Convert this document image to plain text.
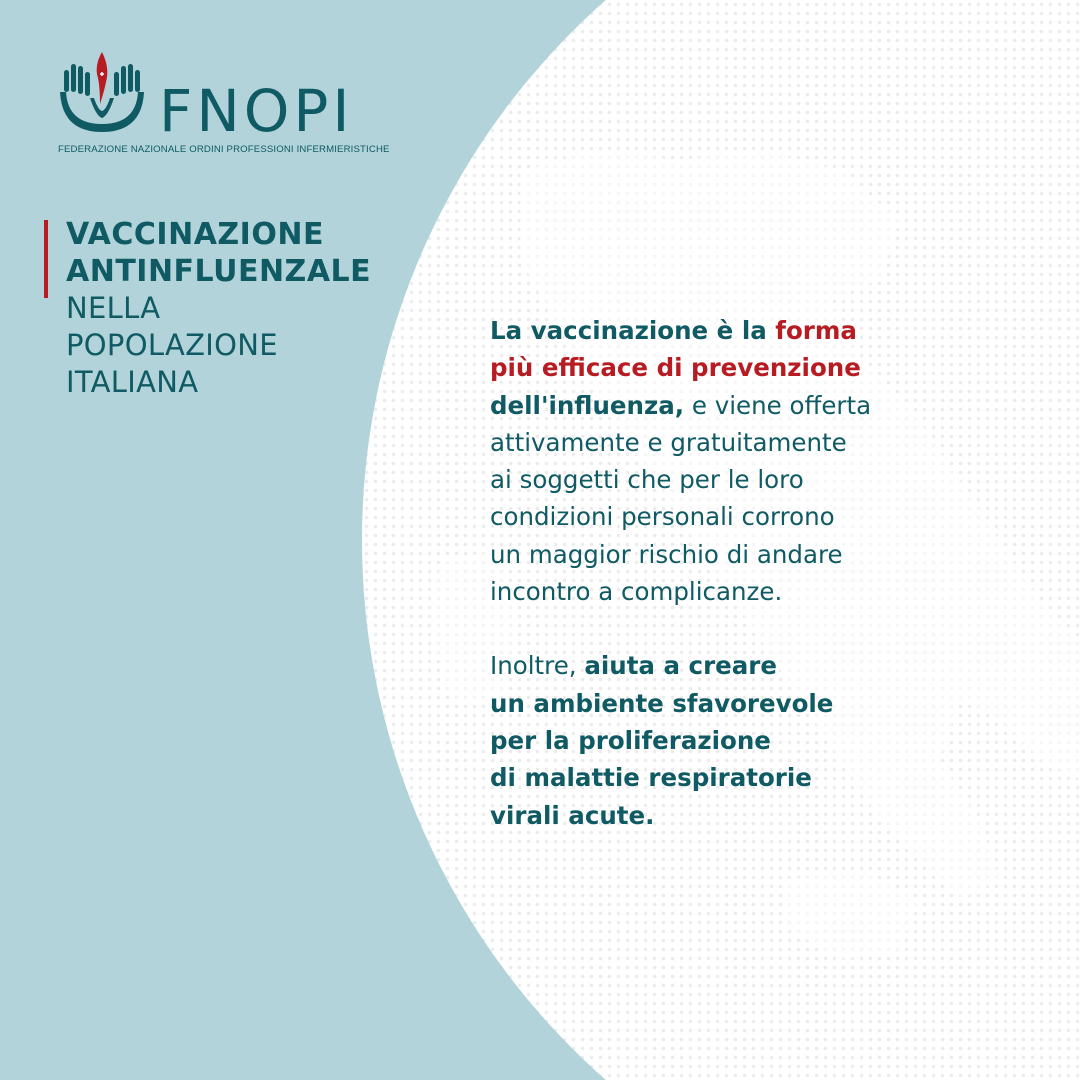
FNOPI
FEDERAZIONE NAZIONALE ORDINI PROFESSIONI INFERMIERISTICHE

VACCINAZIONE

ANTINFLUENZALE

NELLA

POPOLAZIONE

ITALIANA

La vaccinazione è la forma

più efficace di prevenzione

dell'influenza, e viene offerta

attivamente e gratuitamente

ai soggetti che per le loro

condizioni personali corrono

un maggior rischio di andare

incontro a complicanze.

Inoltre, aiuta a creare

un ambiente sfavorevole

per la proliferazione

di malattie respiratorie

virali acute.
